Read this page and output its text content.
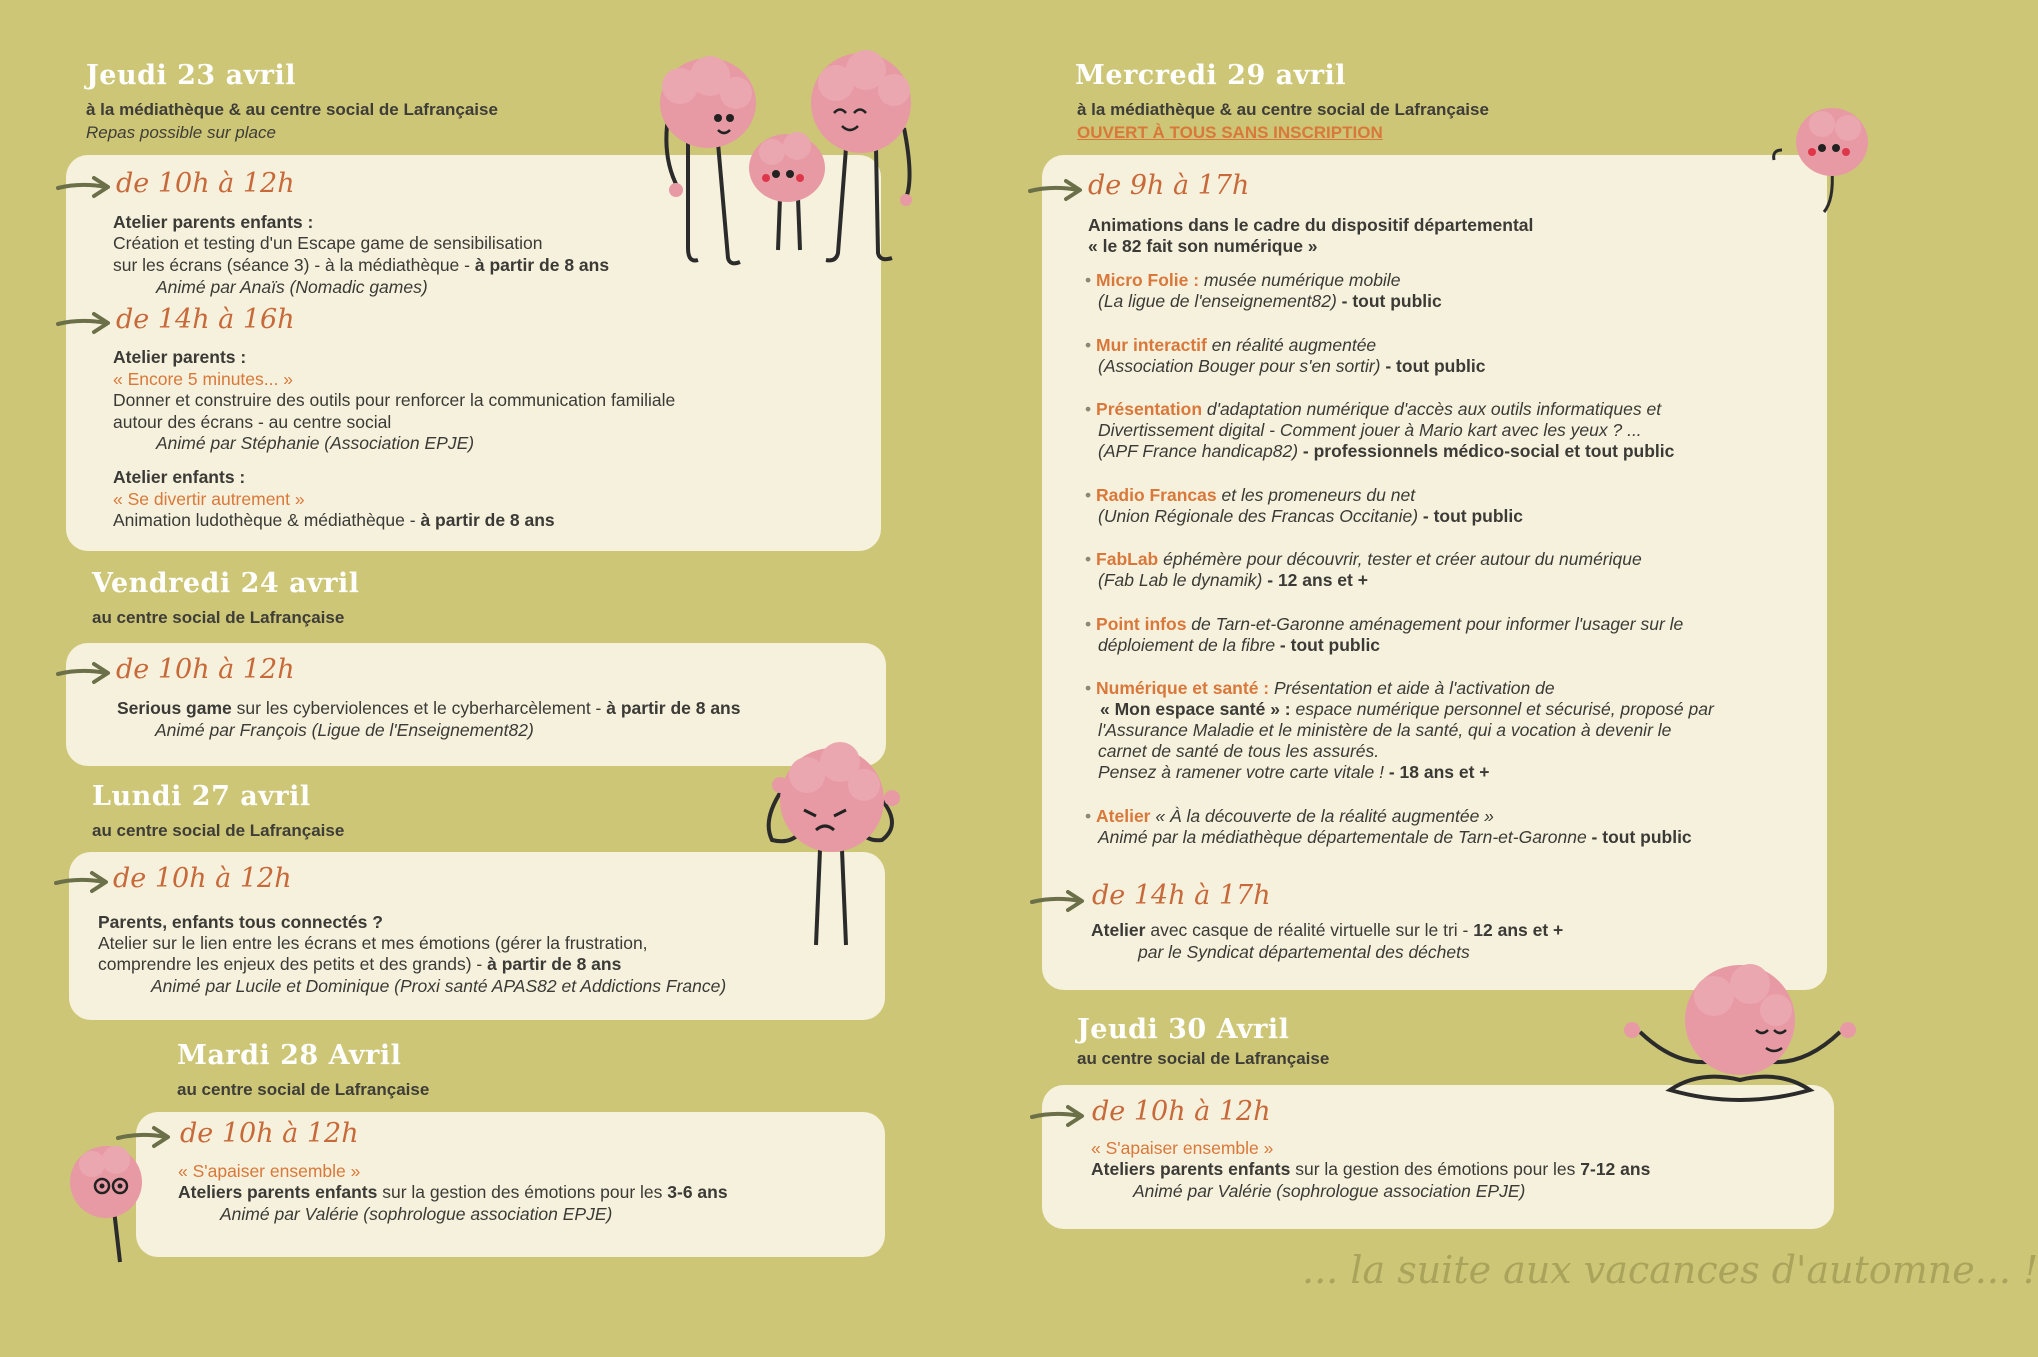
Jeudi 23 avril
à la médiathèque & au centre social de Lafrançaise
Repas possible sur place
de 10h à 12h
Atelier parents enfants :
Création et testing d'un Escape game de sensibilisation
sur les écrans (séance 3) - à la médiathèque - à partir de 8 ans
Animé par Anaïs (Nomadic games)
de 14h à 16h
Atelier parents :
« Encore 5 minutes... »
Donner et construire des outils pour renforcer la communication familiale
autour des écrans - au centre social
Animé par Stéphanie (Association EPJE)
Atelier enfants :
« Se divertir autrement »
Animation ludothèque & médiathèque - à partir de 8 ans
Vendredi 24 avril
au centre social de Lafrançaise
de 10h à 12h
Serious game sur les cyberviolences et le cyberharcèlement - à partir de 8 ans
Animé par François (Ligue de l'Enseignement82)
Lundi 27 avril
au centre social de Lafrançaise
de 10h à 12h
Parents, enfants tous connectés ?
Atelier sur le lien entre les écrans et mes émotions (gérer la frustration,
comprendre les enjeux des petits et des grands) - à partir de 8 ans
Animé par Lucile et Dominique (Proxi santé APAS82 et Addictions France)
Mardi 28 Avril
au centre social de Lafrançaise
de 10h à 12h
« S'apaiser ensemble »
Ateliers parents enfants sur la gestion des émotions pour les 3-6 ans
Animé par Valérie (sophrologue association EPJE)
Mercredi 29 avril
à la médiathèque & au centre social de Lafrançaise
OUVERT À TOUS SANS INSCRIPTION
de 9h à 17h
Animations dans le cadre du dispositif départemental
« le 82 fait son numérique »
• Micro Folie : musée numérique mobile
(La ligue de l'enseignement82) - tout public
• Mur interactif en réalité augmentée
(Association Bouger pour s'en sortir) - tout public
• Présentation d'adaptation numérique d'accès aux outils informatiques et
Divertissement digital - Comment jouer à Mario kart avec les yeux ? ...
(APF France handicap82) - professionnels médico-social et tout public
• Radio Francas et les promeneurs du net
(Union Régionale des Francas Occitanie) - tout public
• FabLab éphémère pour découvrir, tester et créer autour du numérique
(Fab Lab le dynamik) - 12 ans et +
• Point infos de Tarn-et-Garonne aménagement pour informer l'usager sur le
déploiement de la fibre - tout public
• Numérique et santé : Présentation et aide à l'activation de
« Mon espace santé » : espace numérique personnel et sécurisé, proposé par
l'Assurance Maladie et le ministère de la santé, qui a vocation à devenir le
carnet de santé de tous les assurés.
Pensez à ramener votre carte vitale ! - 18 ans et +
• Atelier « À la découverte de la réalité augmentée »
Animé par la médiathèque départementale de Tarn-et-Garonne - tout public
de 14h à 17h
Atelier avec casque de réalité virtuelle sur le tri - 12 ans et +
par le Syndicat départemental des déchets
Jeudi 30 Avril
au centre social de Lafrançaise
de 10h à 12h
« S'apaiser ensemble »
Ateliers parents enfants sur la gestion des émotions pour les 7-12 ans
Animé par Valérie (sophrologue association EPJE)
... la suite aux vacances d'automne... !
